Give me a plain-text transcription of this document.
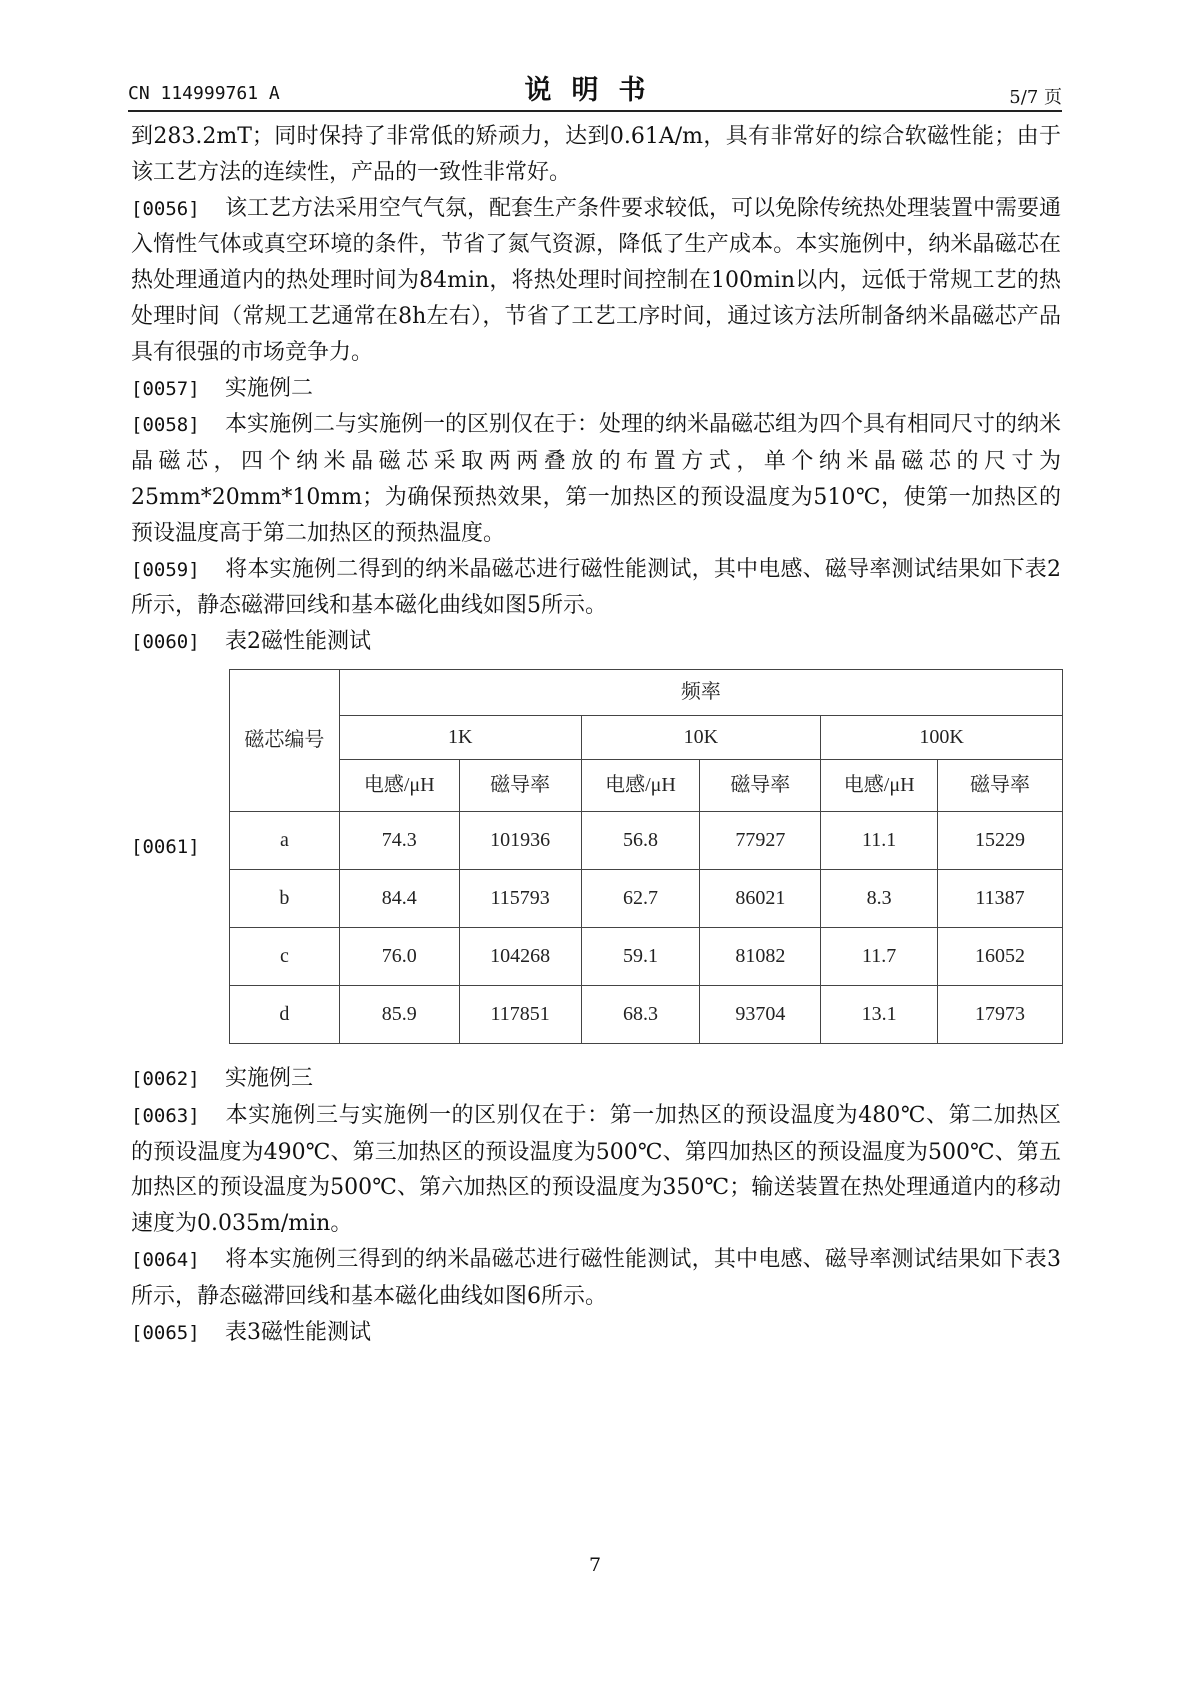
CN 114999761 A	说明书	5/7 页

到283.2mT；同时保持了非常低的矫顽力，达到0.61A/m，具有非常好的综合软磁性能；由于该工艺方法的连续性，产品的一致性非常好。

[0056] 该工艺方法采用空气气氛，配套生产条件要求较低，可以免除传统热处理装置中需要通入惰性气体或真空环境的条件，节省了氮气资源，降低了生产成本。本实施例中，纳米晶磁芯在热处理通道内的热处理时间为84min，将热处理时间控制在100min以内，远低于常规工艺的热处理时间（常规工艺通常在8h左右），节省了工艺工序时间，通过该方法所制备纳米晶磁芯产品具有很强的市场竞争力。

[0057] 实施例二

[0058] 本实施例二与实施例一的区别仅在于：处理的纳米晶磁芯组为四个具有相同尺寸的纳米晶磁芯，四个纳米晶磁芯采取两两叠放的布置方式，单个纳米晶磁芯的尺寸为25mm*20mm*10mm；为确保预热效果，第一加热区的预设温度为510℃，使第一加热区的预设温度高于第二加热区的预热温度。

[0059] 将本实施例二得到的纳米晶磁芯进行磁性能测试，其中电感、磁导率测试结果如下表2所示，静态磁滞回线和基本磁化曲线如图5所示。

[0060] 表2磁性能测试

[0061]
磁芯编号	频率					
	1K		10K		100K	
	电感/μH	磁导率	电感/μH	磁导率	电感/μH	磁导率
a	74.3	101936	56.8	77927	11.1	15229
b	84.4	115793	62.7	86021	8.3	11387
c	76.0	104268	59.1	81082	11.7	16052
d	85.9	117851	68.3	93704	13.1	17973

[0062] 实施例三

[0063] 本实施例三与实施例一的区别仅在于：第一加热区的预设温度为480℃、第二加热区的预设温度为490℃、第三加热区的预设温度为500℃、第四加热区的预设温度为500℃、第五加热区的预设温度为500℃、第六加热区的预设温度为350℃；输送装置在热处理通道内的移动速度为0.035m/min。

[0064] 将本实施例三得到的纳米晶磁芯进行磁性能测试，其中电感、磁导率测试结果如下表3所示，静态磁滞回线和基本磁化曲线如图6所示。

[0065] 表3磁性能测试

7
